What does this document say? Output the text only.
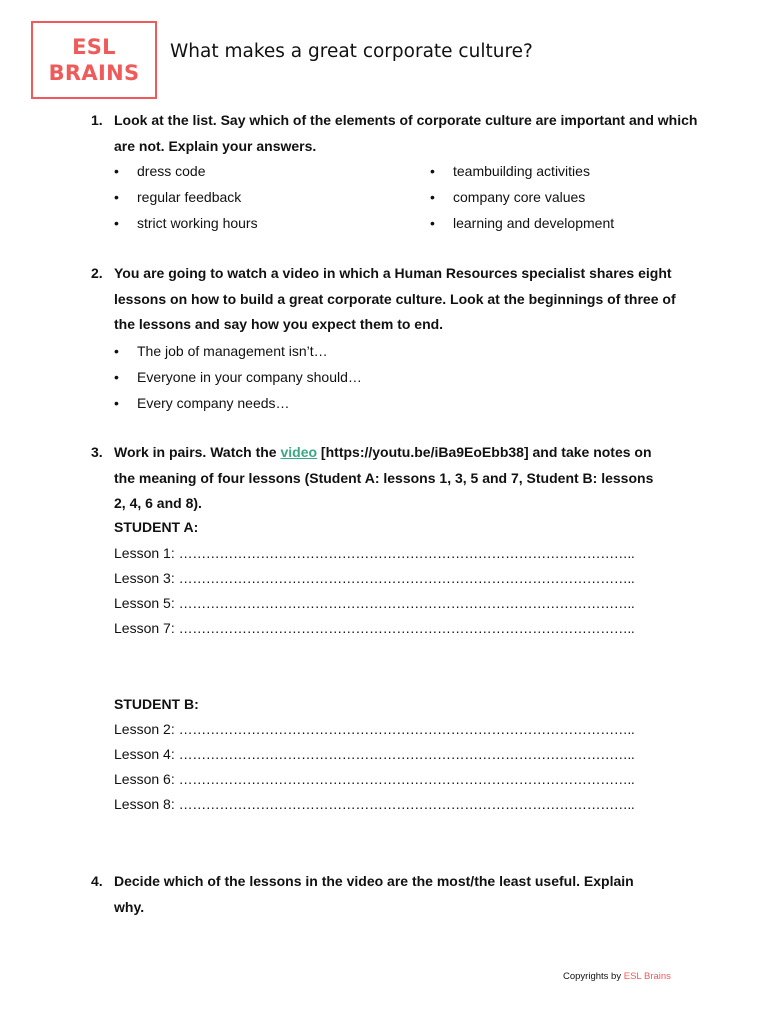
ESL
BRAINS
What makes a great corporate culture?
1. Look at the list. Say which of the elements of corporate culture are important and which are not. Explain your answers.
• dress code
• regular feedback
• strict working hours
• teambuilding activities
• company core values
• learning and development
2. You are going to watch a video in which a Human Resources specialist shares eight lessons on how to build a great corporate culture. Look at the beginnings of three of the lessons and say how you expect them to end.
• The job of management isn’t…
• Everyone in your company should…
• Every company needs…
3. Work in pairs. Watch the video [https://youtu.be/iBa9EoEbb38] and take notes on the meaning of four lessons (Student A: lessons 1, 3, 5 and 7, Student B: lessons 2, 4, 6 and 8).
STUDENT A:
Lesson 1: ………………………………………………………………………………………..
Lesson 3: ………………………………………………………………………………………..
Lesson 5: ………………………………………………………………………………………..
Lesson 7: ………………………………………………………………………………………..
STUDENT B:
Lesson 2: ………………………………………………………………………………………..
Lesson 4: ………………………………………………………………………………………..
Lesson 6: ………………………………………………………………………………………..
Lesson 8: ………………………………………………………………………………………..
4. Decide which of the lessons in the video are the most/the least useful. Explain why.
Copyrights by ESL Brains
